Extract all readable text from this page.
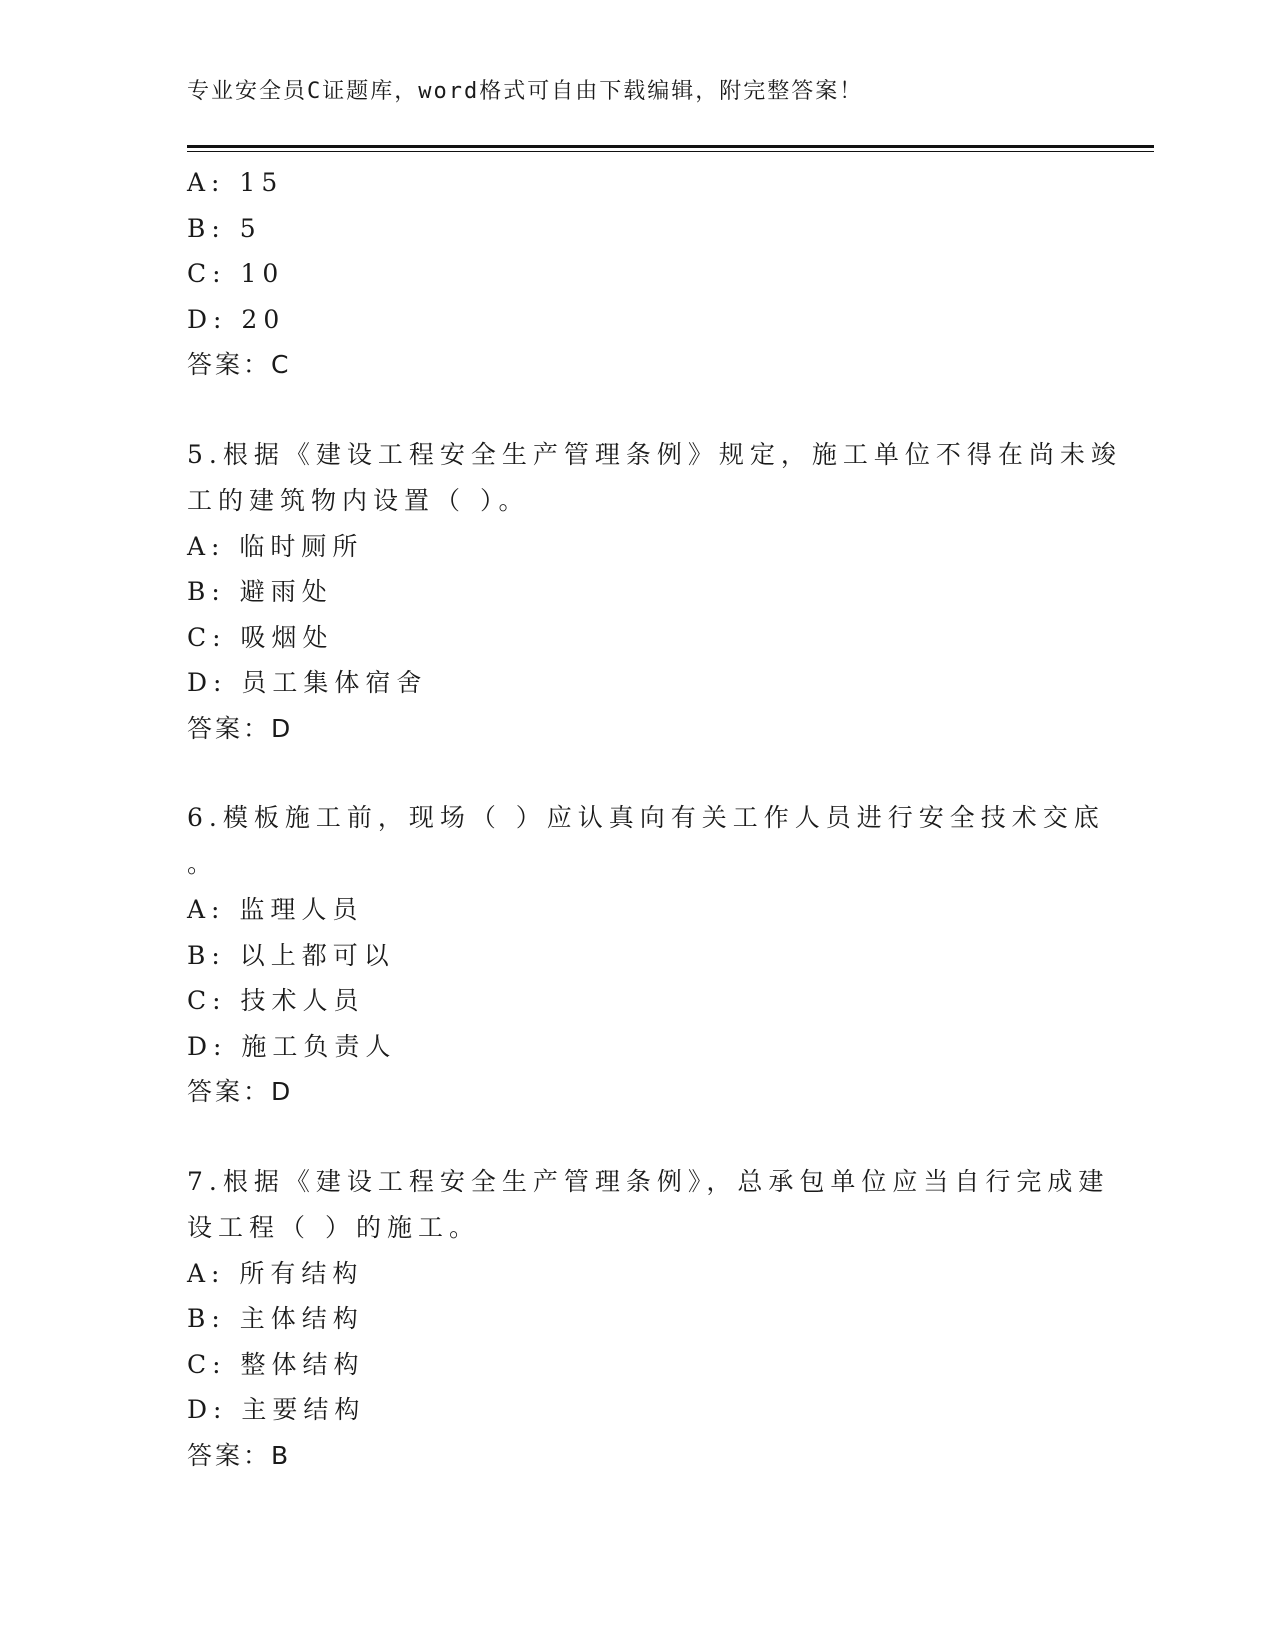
专业安全员C证题库，word格式可自由下载编辑，附完整答案！
A: 15
B: 5
C: 10
D: 20
答案：C
5.根据《建设工程安全生产管理条例》规定，施工单位不得在尚未竣
工的建筑物内设置（ ）。
A: 临时厕所
B: 避雨处
C: 吸烟处
D: 员工集体宿舍
答案：D
6.模板施工前，现场（ ）应认真向有关工作人员进行安全技术交底
。
A: 监理人员
B: 以上都可以
C: 技术人员
D: 施工负责人
答案：D
7.根据《建设工程安全生产管理条例》，总承包单位应当自行完成建
设工程（ ）的施工。
A: 所有结构
B: 主体结构
C: 整体结构
D: 主要结构
答案：B
